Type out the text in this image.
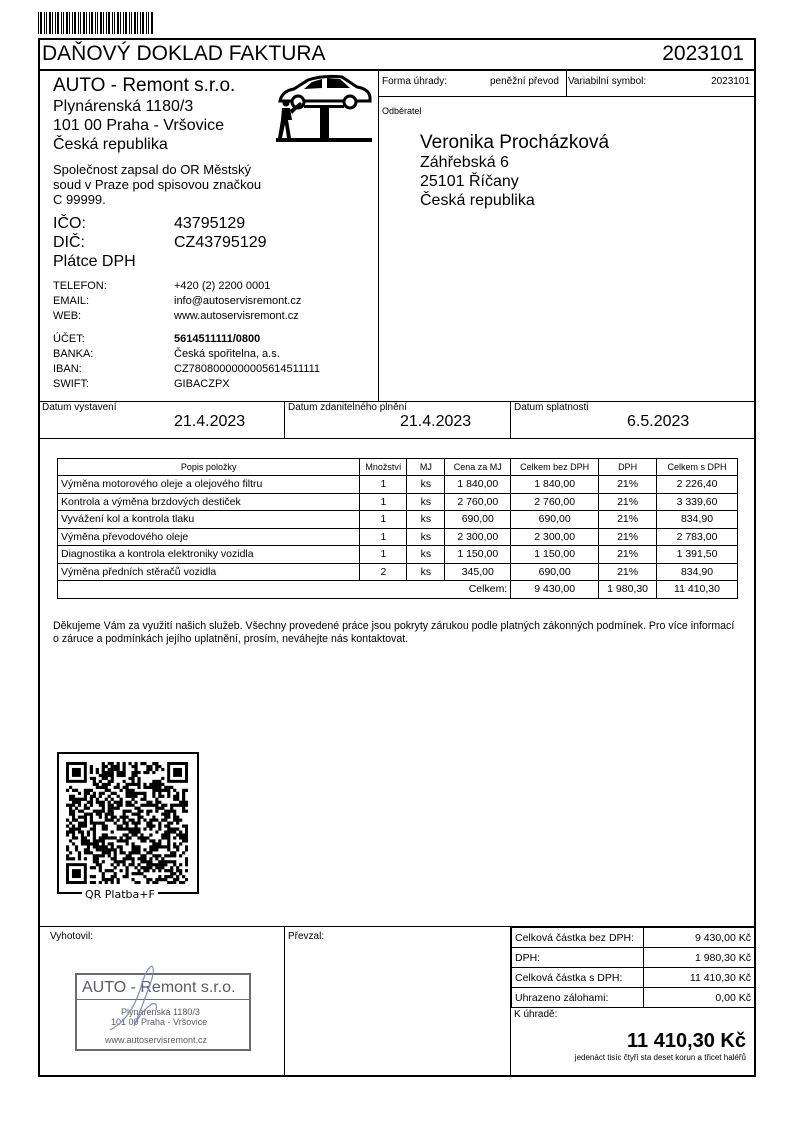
DAŇOVÝ DOKLAD FAKTURA	2023101
AUTO - Remont s.r.o.
Plynárenská 1180/3
101 00 Praha - Vršovice
Česká republika
Společnost zapsal do OR Městský
soud v Praze pod spisovou značkou
C 99999.
IČO:	43795129
DIČ:	CZ43795129
Plátce DPH
TELEFON:	+420 (2) 2200 0001
EMAIL:	info@autoservisremont.cz
WEB:	www.autoservisremont.cz
ÚČET:	5614511111/0800
BANKA:	Česká spořitelna, a.s.
IBAN:	CZ7808000000005614511111
SWIFT:	GIBACZPX
Forma úhrady:	peněžní převod Variabilní symbol:	2023101
Odběratel
Veronika Procházková
Záhřebská 6
25101 Říčany
Česká republika
Datum vystavení
21.4.2023
Datum zdanitelného plnění
21.4.2023
Datum splatnosti
6.5.2023
Popis položky	Množství	MJ	Cena za MJ	Celkem bez DPH	DPH	Celkem s DPH
Výměna motorového oleje a olejového filtru	1	ks	1 840,00	1 840,00	21%	2 226,40
Kontrola a výměna brzdových destiček	1	ks	2 760,00	2 760,00	21%	3 339,60
Vyvážení kol a kontrola tlaku	1	ks	690,00	690,00	21%	834,90
Výměna převodového oleje	1	ks	2 300,00	2 300,00	21%	2 783,00
Diagnostika a kontrola elektroniky vozidla	1	ks	1 150,00	1 150,00	21%	1 391,50
Výměna předních stěračů vozidla	2	ks	345,00	690,00	21%	834,90
Celkem:				9 430,00	1 980,30	11 410,30
Děkujeme Vám za využití našich služeb. Všechny provedené práce jsou pokryty zárukou podle platných zákonných podmínek. Pro více informací
o záruce a podmínkách jejího uplatnění, prosím, neváhejte nás kontaktovat.
QR Platba+F
Vyhotovil:	Převzal:
AUTO - Remont s.r.o.
Plynárenská 1180/3
101 00 Praha - Vršovice
www.autoservisremont.cz
Celková částka bez DPH:	9 430,00 Kč
DPH:	1 980,30 Kč
Celková částka s DPH:	11 410,30 Kč
Uhrazeno zálohami:	0,00 Kč
K úhradě:
11 410,30 Kč
jedenáct tisíc čtyři sta deset korun a třicet haléřů
